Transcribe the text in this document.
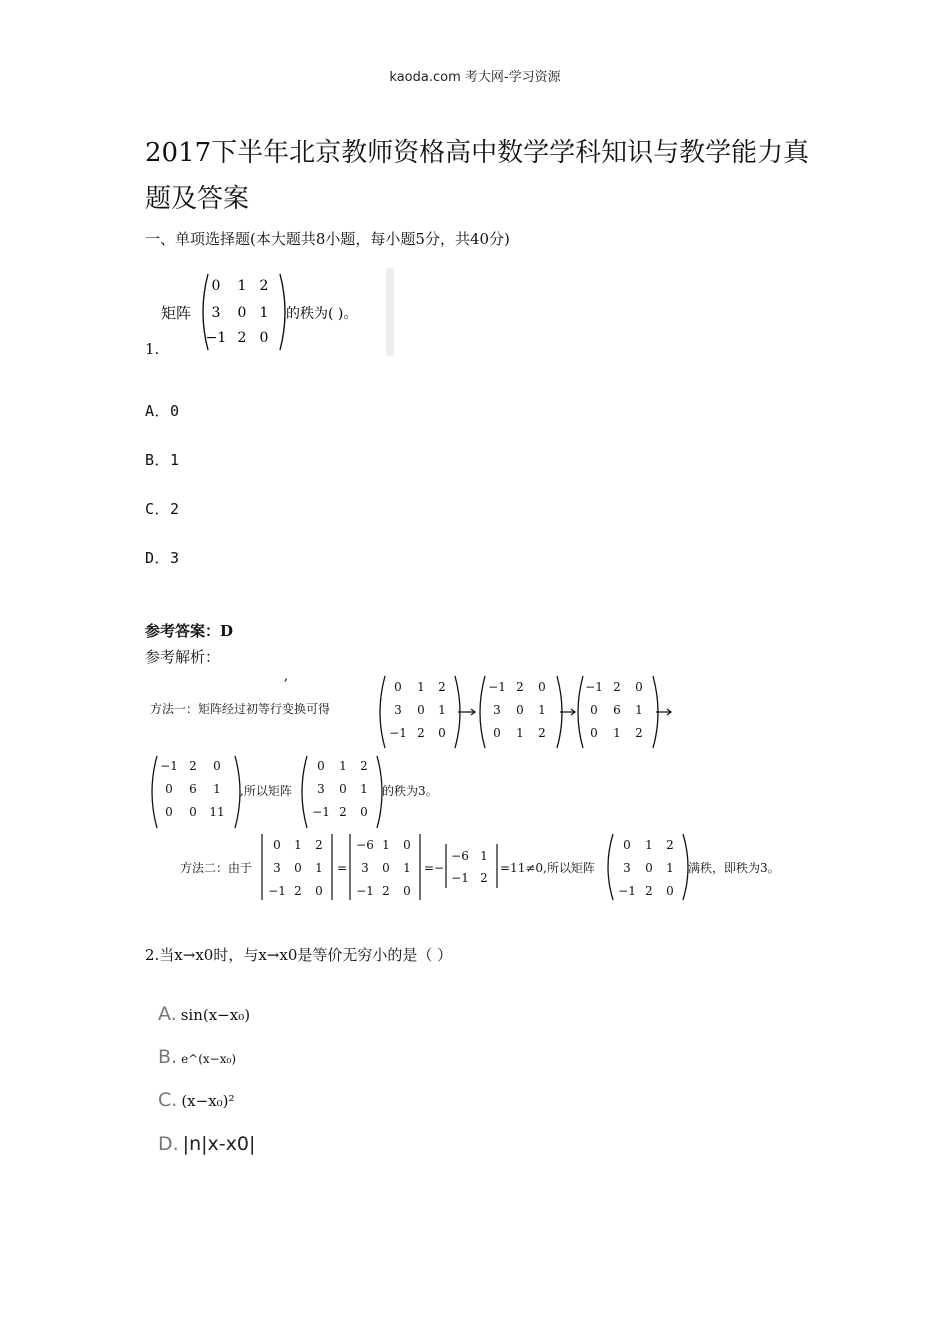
kaoda.com 考大网-学习资源
2017下半年北京教师资格高中数学学科知识与教学能力真题及答案
一、单项选择题(本大题共8小题，每小题5分，共40分)
矩阵
0 1 2
3 0 1
−1 2 0
的秩为( )。
1.
A．0
B．1
C．2
D．3
参考答案：D
参考解析：
,
方法一：矩阵经过初等行变换可得
0 1 2
3 0 1
−1 2 0
−1 2 0
3 0 1
0 1 2
−1 2 0
0 6 1
0 1 2
−1 2 0
0 6 1
0 0 11
,所以矩阵
0 1 2
3 0 1
−1 2 0
的秩为3。
方法二：由于
0 1 2
3 0 1
−1 2 0
=
−6 1 0
3 0 1
−1 2 0
=−
−6 1
−1 2
=11≠0,所以矩阵
0 1 2
3 0 1
−1 2 0
满秩，即秩为3。
2.当x→x0时，与x→x0是等价无穷小的是（ ）
A. sin(x−x₀)
B. e^(x−x₀)
C. (x−x₀)²
D. |n|x-x0|
